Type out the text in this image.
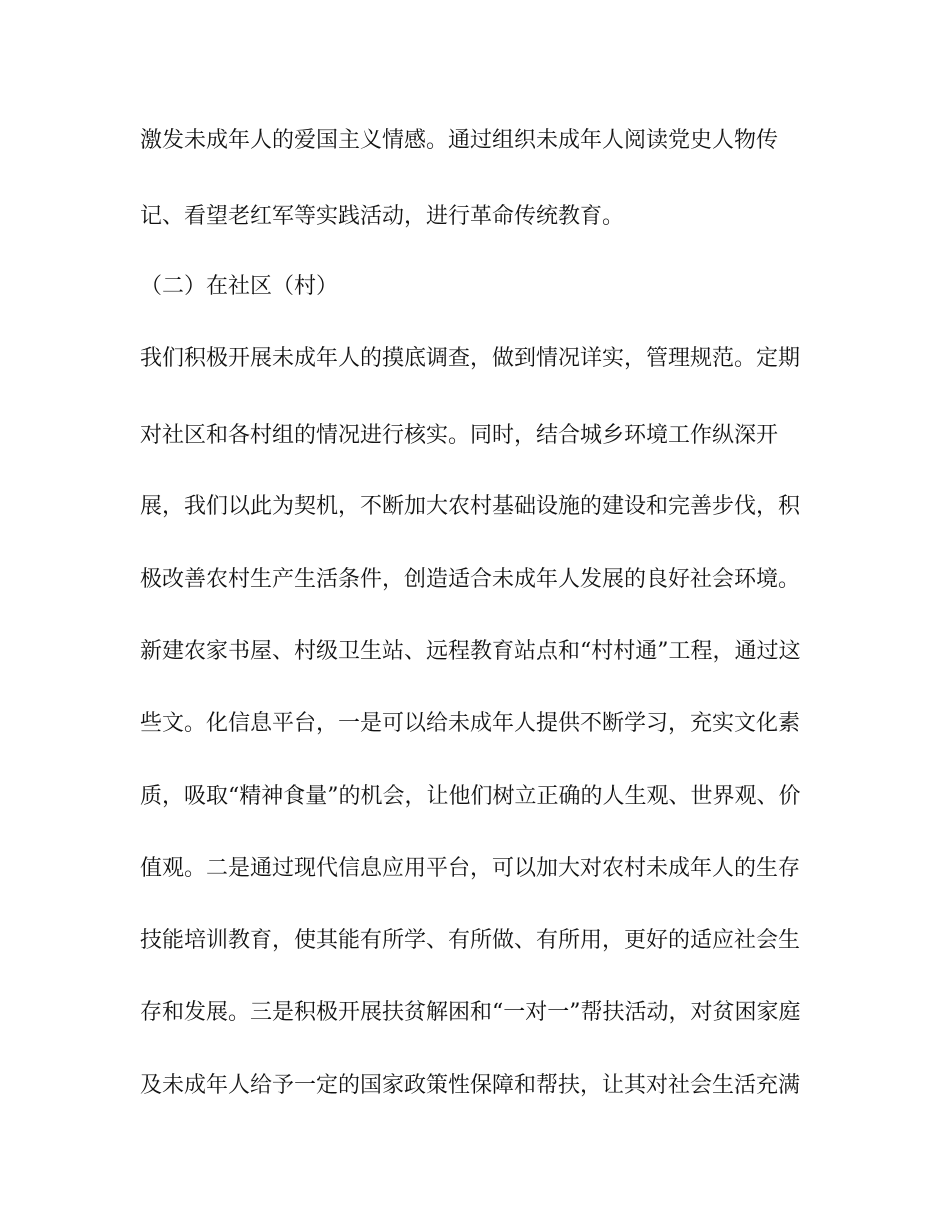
激发未成年人的爱国主义情感。通过组织未成年人阅读党史人物传
记、看望老红军等实践活动，进行革命传统教育。
（二）在社区（村）
我们积极开展未成年人的摸底调查，做到情况详实，管理规范。定期
对社区和各村组的情况进行核实。同时，结合城乡环境工作纵深开
展，我们以此为契机，不断加大农村基础设施的建设和完善步伐，积
极改善农村生产生活条件，创造适合未成年人发展的良好社会环境。
新建农家书屋、村级卫生站、远程教育站点和“村村通”工程，通过这
些文。化信息平台，一是可以给未成年人提供不断学习，充实文化素
质，吸取“精神食量”的机会，让他们树立正确的人生观、世界观、价
值观。二是通过现代信息应用平台，可以加大对农村未成年人的生存
技能培训教育，使其能有所学、有所做、有所用，更好的适应社会生
存和发展。三是积极开展扶贫解困和“一对一”帮扶活动，对贫困家庭
及未成年人给予一定的国家政策性保障和帮扶，让其对社会生活充满
